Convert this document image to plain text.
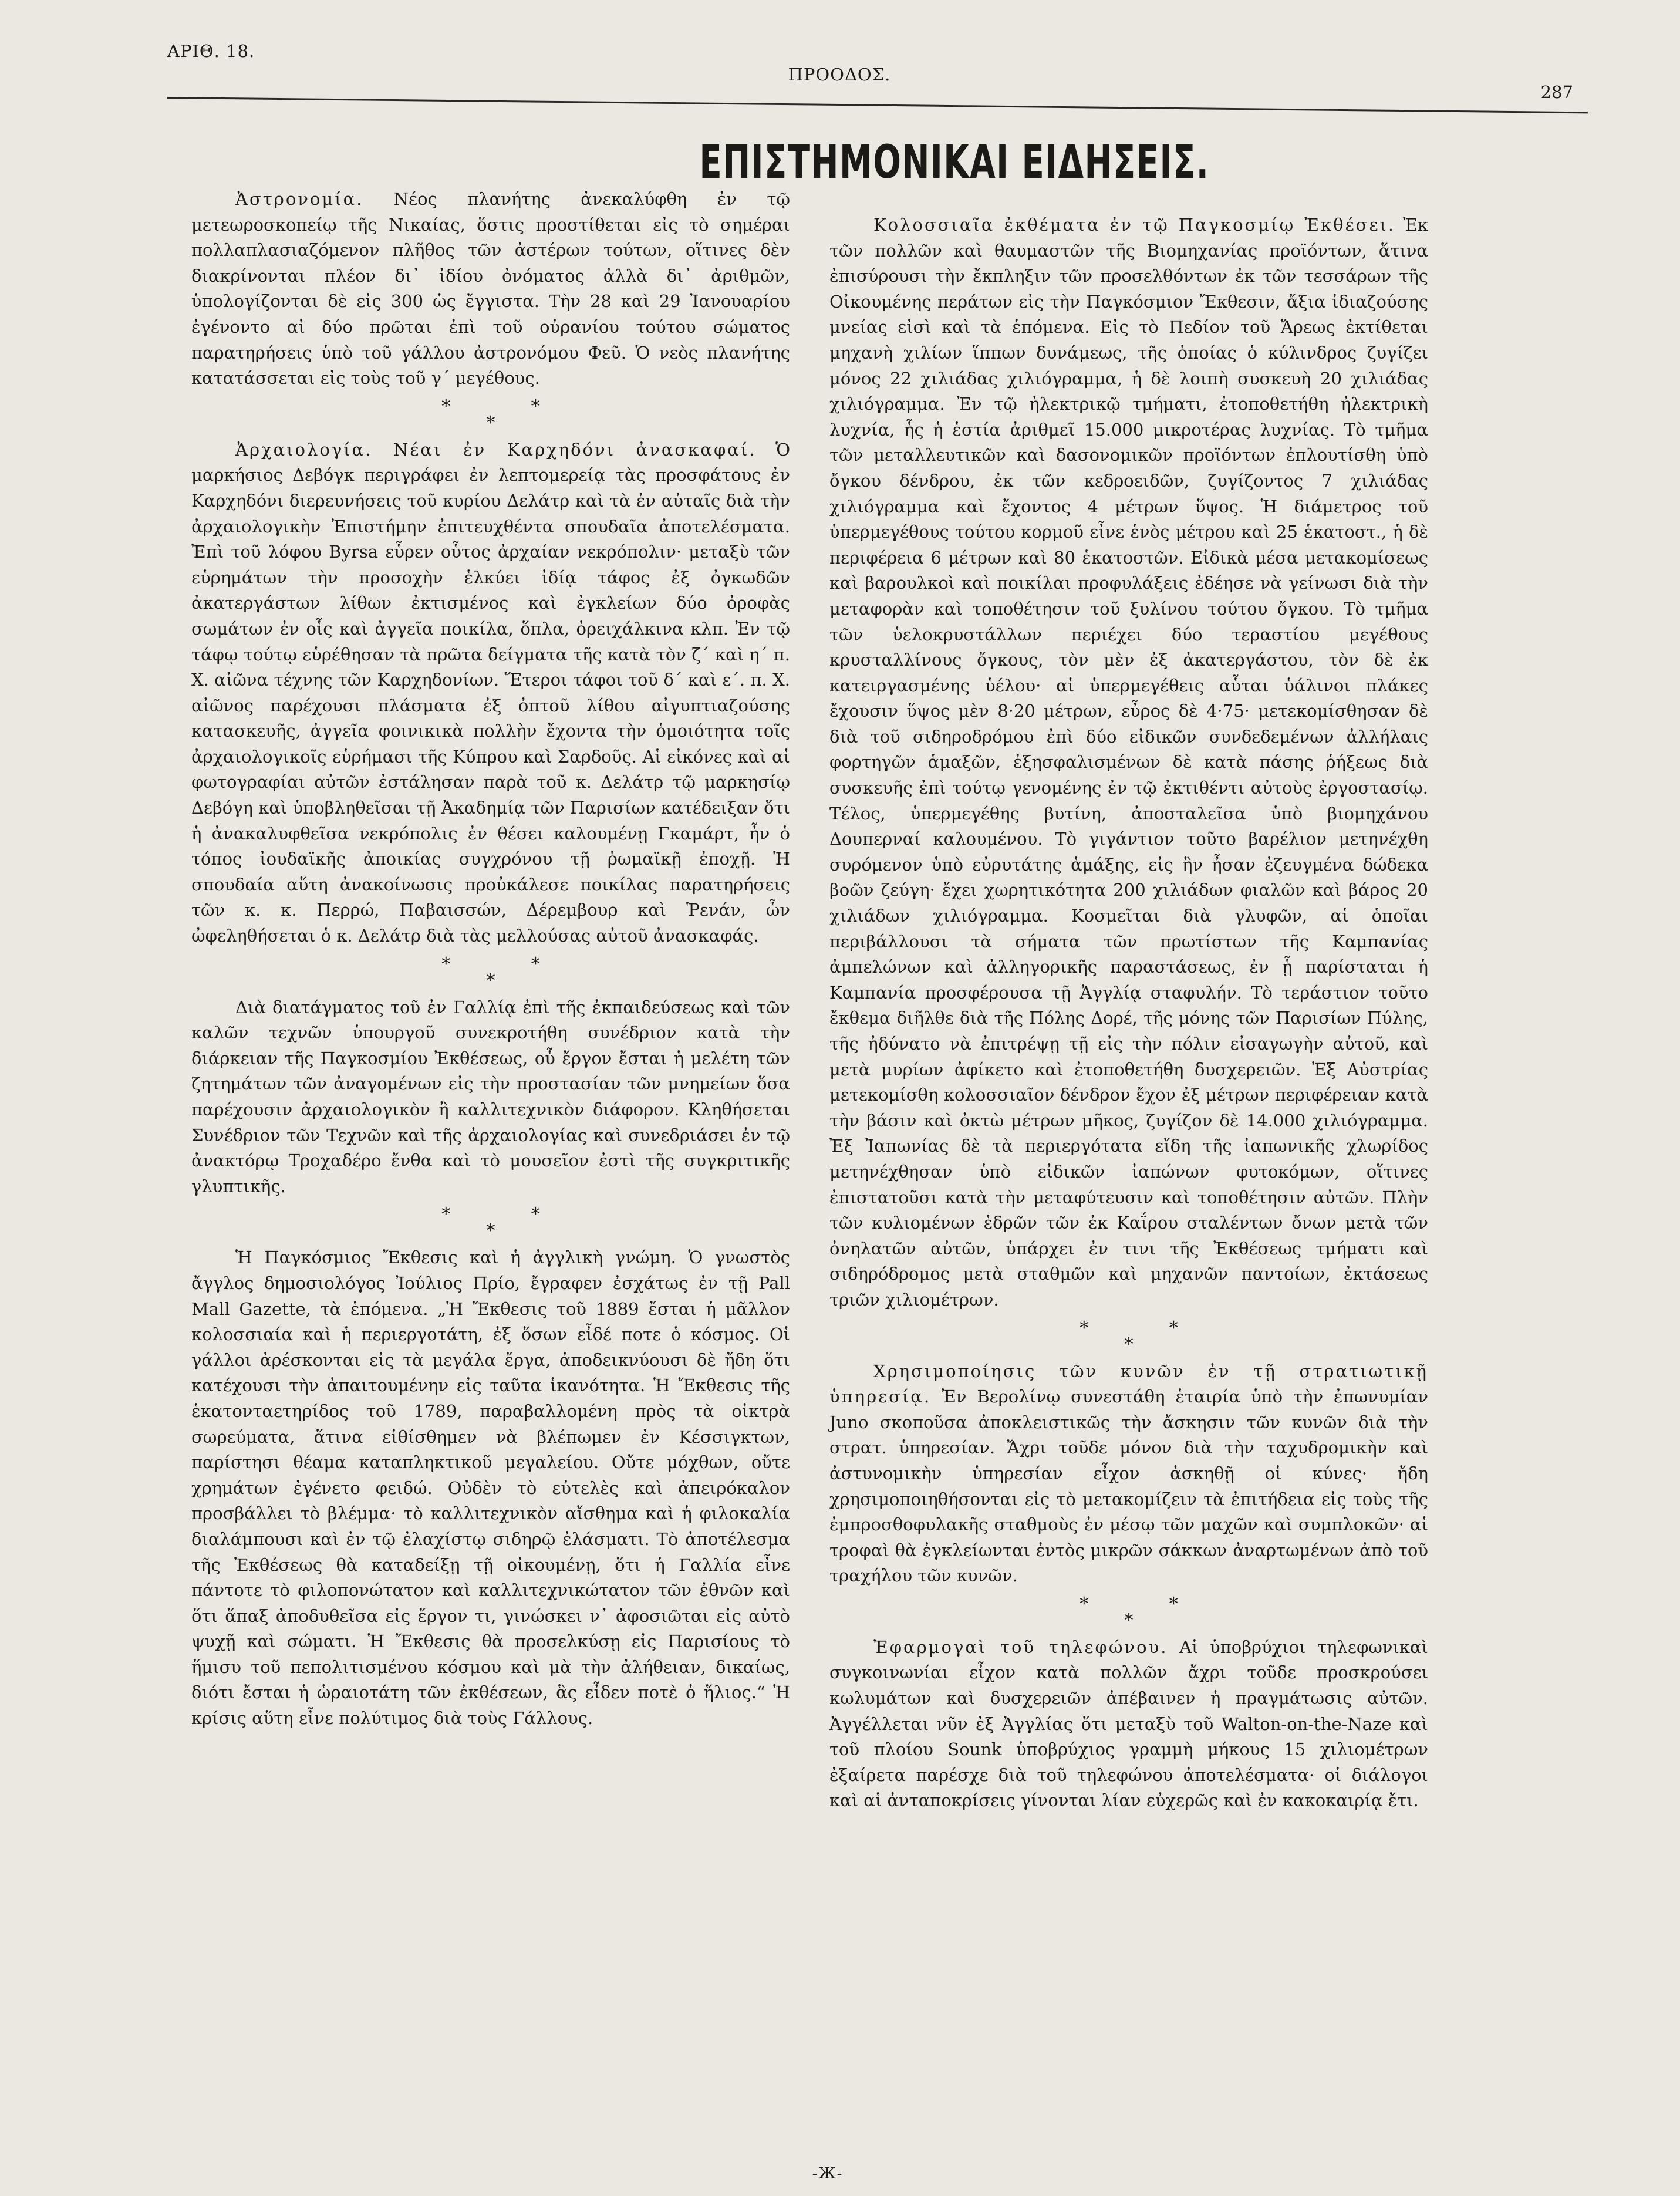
ΑΡΙΘ. 18.
ΠΡΟΟΔΟΣ.
287
ΕΠΙΣΤΗΜΟΝΙΚΑΙ ΕΙΔΗΣΕΙΣ.

Ἀστρονομία. Νέος πλανήτης ἀνεκαλύφθη ἐν τῷ μετεωροσκοπείῳ τῆς Νικαίας, ὅστις προστίθεται εἰς τὸ σημέραι πολλαπλασιαζόμενον πλῆθος τῶν ἀστέρων τούτων, οἵτινες δὲν διακρίνονται πλέον δι᾿ ἰδίου ὀνόματος ἀλλὰ δι᾿ ἀριθμῶν, ὑπολογίζονται δὲ εἰς 300 ὡς ἔγγιστα. Τὴν 28 καὶ 29 Ἰανουαρίου ἐγένοντο αἱ δύο πρῶται ἐπὶ τοῦ οὐρανίου τούτου σώματος παρατηρήσεις ὑπὸ τοῦ γάλλου ἀστρονόμου Φεῦ. Ὁ νεὸς πλανήτης κατατάσσεται εἰς τοὺς τοῦ γ΄ μεγέθους.

* *
*

Ἀρχαιολογία. Νέαι ἐν Καρχηδόνι ἀνασκαφαί. Ὁ μαρκήσιος Δεβόγκ περιγράφει ἐν λεπτομερείᾳ τὰς προσφάτους ἐν Καρχηδόνι διερευνήσεις τοῦ κυρίου Δελάτρ καὶ τὰ ἐν αὐταῖς διὰ τὴν ἀρχαιολογικὴν Ἐπιστήμην ἐπιτευχθέντα σπουδαῖα ἀποτελέσματα. Ἐπὶ τοῦ λόφου Byrsa εὗρεν οὗτος ἀρχαίαν νεκρόπολιν· μεταξὺ τῶν εὑρημάτων τὴν προσοχὴν ἑλκύει ἰδίᾳ τάφος ἐξ ὀγκωδῶν ἀκατεργάστων λίθων ἐκτισμένος καὶ ἐγκλείων δύο ὀροφὰς σωμάτων ἐν οἷς καὶ ἀγγεῖα ποικίλα, ὅπλα, ὀρειχάλκινα κλπ. Ἐν τῷ τάφῳ τούτῳ εὑρέθησαν τὰ πρῶτα δείγματα τῆς κατὰ τὸν ζ΄ καὶ η΄ π. Χ. αἰῶνα τέχνης τῶν Καρχηδονίων. Ἕτεροι τάφοι τοῦ δ΄ καὶ ε΄. π. Χ. αἰῶνος παρέχουσι πλάσματα ἐξ ὀπτοῦ λίθου αἰγυπτιαζούσης κατασκευῆς, ἀγγεῖα φοινικικὰ πολλὴν ἔχοντα τὴν ὁμοιότητα τοῖς ἀρχαιολογικοῖς εὑρήμασι τῆς Κύπρου καὶ Σαρδοῦς. Αἱ εἰκόνες καὶ αἱ φωτογραφίαι αὐτῶν ἐστάλησαν παρὰ τοῦ κ. Δελάτρ τῷ μαρκησίῳ Δεβόγη καὶ ὑποβληθεῖσαι τῇ Ἀκαδημίᾳ τῶν Παρισίων κατέδειξαν ὅτι ἡ ἀνακαλυφθεῖσα νεκρόπολις ἐν θέσει καλουμένῃ Γκαμάρτ, ἦν ὁ τόπος ἰουδαϊκῆς ἀποικίας συγχρόνου τῇ ῥωμαϊκῇ ἐποχῇ. Ἡ σπουδαία αὕτη ἀνακοίνωσις προὐκάλεσε ποικίλας παρατηρήσεις τῶν κ. κ. Περρώ, Παβαισσών, Δέρεμβουρ καὶ Ῥενάν, ὧν ὠφεληθήσεται ὁ κ. Δελάτρ διὰ τὰς μελλούσας αὐτοῦ ἀνασκαφάς.

* *
*

Διὰ διατάγματος τοῦ ἐν Γαλλίᾳ ἐπὶ τῆς ἐκπαιδεύσεως καὶ τῶν καλῶν τεχνῶν ὑπουργοῦ συνεκροτήθη συνέδριον κατὰ τὴν διάρκειαν τῆς Παγκοσμίου Ἐκθέσεως, οὗ ἔργον ἔσται ἡ μελέτη τῶν ζητημάτων τῶν ἀναγομένων εἰς τὴν προστασίαν τῶν μνημείων ὅσα παρέχουσιν ἀρχαιολογικὸν ἢ καλλιτεχνικὸν διάφορον. Κληθήσεται Συνέδριον τῶν Τεχνῶν καὶ τῆς ἀρχαιολογίας καὶ συνεδριάσει ἐν τῷ ἀνακτόρῳ Τροχαδέρο ἔνθα καὶ τὸ μουσεῖον ἐστὶ τῆς συγκριτικῆς γλυπτικῆς.

* *
*

Ἡ Παγκόσμιος Ἔκθεσις καὶ ἡ ἀγγλικὴ γνώμη. Ὁ γνωστὸς ἄγγλος δημοσιολόγος Ἰούλιος Πρίο, ἔγραφεν ἐσχάτως ἐν τῇ Pall Mall Gazette, τὰ ἑπόμενα. „Ἡ Ἔκθεσις τοῦ 1889 ἔσται ἡ μᾶλλον κολοσσιαία καὶ ἡ περιεργοτάτη, ἐξ ὅσων εἶδέ ποτε ὁ κόσμος. Οἱ γάλλοι ἀρέσκονται εἰς τὰ μεγάλα ἔργα, ἀποδεικνύουσι δὲ ἤδη ὅτι κατέχουσι τὴν ἀπαιτουμένην εἰς ταῦτα ἱκανότητα. Ἡ Ἔκθεσις τῆς ἑκατονταετηρίδος τοῦ 1789, παραβαλλομένη πρὸς τὰ οἰκτρὰ σωρεύματα, ἅτινα εἰθίσθημεν νὰ βλέπωμεν ἐν Κέσσιγκτων, παρίστησι θέαμα καταπληκτικοῦ μεγαλείου. Οὔτε μόχθων, οὔτε χρημάτων ἐγένετο φειδώ. Οὐδὲν τὸ εὐτελὲς καὶ ἀπειρόκαλον προσβάλλει τὸ βλέμμα· τὸ καλλιτεχνικὸν αἴσθημα καὶ ἡ φιλοκαλία διαλάμπουσι καὶ ἐν τῷ ἐλαχίστῳ σιδηρῷ ἐλάσματι. Τὸ ἀποτέλεσμα τῆς Ἐκθέσεως θὰ καταδείξῃ τῇ οἰκουμένῃ, ὅτι ἡ Γαλλία εἶνε πάντοτε τὸ φιλοπονώτατον καὶ καλλιτεχνικώτατον τῶν ἐθνῶν καὶ ὅτι ἅπαξ ἀποδυθεῖσα εἰς ἔργον τι, γινώσκει ν᾿ ἀφοσιῶται εἰς αὐτὸ ψυχῇ καὶ σώματι. Ἡ Ἔκθεσις θὰ προσελκύσῃ εἰς Παρισίους τὸ ἥμισυ τοῦ πεπολιτισμένου κόσμου καὶ μὰ τὴν ἀλήθειαν, δικαίως, διότι ἔσται ἡ ὡραιοτάτη τῶν ἐκθέσεων, ἃς εἶδεν ποτὲ ὁ ἥλιος.“ Ἡ κρίσις αὕτη εἶνε πολύτιμος διὰ τοὺς Γάλλους.

Κολοσσιαῖα ἐκθέματα ἐν τῷ Παγκοσμίῳ Ἐκθέσει. Ἐκ τῶν πολλῶν καὶ θαυμαστῶν τῆς Βιομηχανίας προϊόντων, ἅτινα ἐπισύρουσι τὴν ἔκπληξιν τῶν προσελθόντων ἐκ τῶν τεσσάρων τῆς Οἰκουμένης περάτων εἰς τὴν Παγκόσμιον Ἔκθεσιν, ἄξια ἰδιαζούσης μνείας εἰσὶ καὶ τὰ ἑπόμενα. Εἰς τὸ Πεδίον τοῦ Ἄρεως ἐκτίθεται μηχανὴ χιλίων ἵππων δυνάμεως, τῆς ὁποίας ὁ κύλινδρος ζυγίζει μόνος 22 χιλιάδας χιλιόγραμμα, ἡ δὲ λοιπὴ συσκευὴ 20 χιλιάδας χιλιόγραμμα. Ἐν τῷ ἠλεκτρικῷ τμήματι, ἐτοποθετήθη ἠλεκτρικὴ λυχνία, ἧς ἡ ἑστία ἀριθμεῖ 15.000 μικροτέρας λυχνίας. Τὸ τμῆμα τῶν μεταλλευτικῶν καὶ δασονομικῶν προϊόντων ἐπλουτίσθη ὑπὸ ὄγκου δένδρου, ἐκ τῶν κεδροειδῶν, ζυγίζοντος 7 χιλιάδας χιλιόγραμμα καὶ ἔχοντος 4 μέτρων ὕψος. Ἡ διάμετρος τοῦ ὑπερμεγέθους τούτου κορμοῦ εἶνε ἑνὸς μέτρου καὶ 25 ἑκατοστ., ἡ δὲ περιφέρεια 6 μέτρων καὶ 80 ἑκατοστῶν. Εἰδικὰ μέσα μετακομίσεως καὶ βαρουλκοὶ καὶ ποικίλαι προφυλάξεις ἐδέησε νὰ γείνωσι διὰ τὴν μεταφορὰν καὶ τοποθέτησιν τοῦ ξυλίνου τούτου ὄγκου. Τὸ τμῆμα τῶν ὑελοκρυστάλλων περιέχει δύο τεραστίου μεγέθους κρυσταλλίνους ὄγκους, τὸν μὲν ἐξ ἀκατεργάστου, τὸν δὲ ἐκ κατειργασμένης ὑέλου· αἱ ὑπερμεγέθεις αὗται ὑάλινοι πλάκες ἔχουσιν ὕψος μὲν 8·20 μέτρων, εὖρος δὲ 4·75· μετεκομίσθησαν δὲ διὰ τοῦ σιδηροδρόμου ἐπὶ δύο εἰδικῶν συνδεδεμένων ἀλλήλαις φορτηγῶν ἁμαξῶν, ἐξησφαλισμένων δὲ κατὰ πάσης ῥήξεως διὰ συσκευῆς ἐπὶ τούτῳ γενομένης ἐν τῷ ἐκτιθέντι αὐτοὺς ἐργοστασίῳ. Τέλος, ὑπερμεγέθης βυτίνη, ἀποσταλεῖσα ὑπὸ βιομηχάνου Δουπερναί καλουμένου. Τὸ γιγάντιον τοῦτο βαρέλιον μετηνέχθη συρόμενον ὑπὸ εὐρυτάτης ἁμάξης, εἰς ἣν ἦσαν ἐζευγμένα δώδεκα βοῶν ζεύγη· ἔχει χωρητικότητα 200 χιλιάδων φιαλῶν καὶ βάρος 20 χιλιάδων χιλιόγραμμα. Κοσμεῖται διὰ γλυφῶν, αἱ ὁποῖαι περιβάλλουσι τὰ σήματα τῶν πρωτίστων τῆς Καμπανίας ἀμπελώνων καὶ ἀλληγορικῆς παραστάσεως, ἐν ᾗ παρίσταται ἡ Καμπανία προσφέρουσα τῇ Ἀγγλίᾳ σταφυλήν. Τὸ τεράστιον τοῦτο ἔκθεμα διῆλθε διὰ τῆς Πόλης Δορέ, τῆς μόνης τῶν Παρισίων Πύλης, τῆς ἠδύνατο νὰ ἐπιτρέψῃ τῇ εἰς τὴν πόλιν εἰσαγωγὴν αὐτοῦ, καὶ μετὰ μυρίων ἀφίκετο καὶ ἐτοποθετήθη δυσχερειῶν. Ἐξ Αὐστρίας μετεκομίσθη κολοσσιαῖον δένδρον ἔχον ἐξ μέτρων περιφέρειαν κατὰ τὴν βάσιν καὶ ὀκτὼ μέτρων μῆκος, ζυγίζον δὲ 14.000 χιλιόγραμμα. Ἐξ Ἰαπωνίας δὲ τὰ περιεργότατα εἴδη τῆς ἰαπωνικῆς χλωρίδος μετηνέχθησαν ὑπὸ εἰδικῶν ἰαπώνων φυτοκόμων, οἵτινες ἐπιστατοῦσι κατὰ τὴν μεταφύτευσιν καὶ τοποθέτησιν αὐτῶν. Πλὴν τῶν κυλιομένων ἑδρῶν τῶν ἐκ Καΐρου σταλέντων ὄνων μετὰ τῶν ὀνηλατῶν αὐτῶν, ὑπάρχει ἐν τινι τῆς Ἐκθέσεως τμήματι καὶ σιδηρόδρομος μετὰ σταθμῶν καὶ μηχανῶν παντοίων, ἐκτάσεως τριῶν χιλιομέτρων.

* *
*

Χρησιμοποίησις τῶν κυνῶν ἐν τῇ στρατιωτικῇ ὑπηρεσίᾳ. Ἐν Βερολίνῳ συνεστάθη ἑταιρία ὑπὸ τὴν ἐπωνυμίαν Juno σκοποῦσα ἀποκλειστικῶς τὴν ἄσκησιν τῶν κυνῶν διὰ τὴν στρατ. ὑπηρεσίαν. Ἄχρι τοῦδε μόνον διὰ τὴν ταχυδρομικὴν καὶ ἀστυνομικὴν ὑπηρεσίαν εἶχον ἀσκηθῇ οἱ κύνες· ἤδη χρησιμοποιηθήσονται εἰς τὸ μετακομίζειν τὰ ἐπιτήδεια εἰς τοὺς τῆς ἐμπροσθοφυλακῆς σταθμοὺς ἐν μέσῳ τῶν μαχῶν καὶ συμπλοκῶν· αἱ τροφαὶ θὰ ἐγκλείωνται ἐντὸς μικρῶν σάκκων ἀναρτωμένων ἀπὸ τοῦ τραχήλου τῶν κυνῶν.

* *
*

Ἐφαρμογαὶ τοῦ τηλεφώνου. Αἱ ὑποβρύχιοι τηλεφωνικαὶ συγκοινωνίαι εἶχον κατὰ πολλῶν ἄχρι τοῦδε προσκρούσει κωλυμάτων καὶ δυσχερειῶν ἀπέβαινεν ἡ πραγμάτωσις αὐτῶν. Ἀγγέλλεται νῦν ἐξ Ἀγγλίας ὅτι μεταξὺ τοῦ Walton-on-the-Naze καὶ τοῦ πλοίου Sounk ὑποβρύχιος γραμμὴ μήκους 15 χιλιομέτρων ἐξαίρετα παρέσχε διὰ τοῦ τηλεφώνου ἀποτελέσματα· οἱ διάλογοι καὶ αἱ ἀνταποκρίσεις γίνονται λίαν εὐχερῶς καὶ ἐν κακοκαιρίᾳ ἔτι.

-Ж-
